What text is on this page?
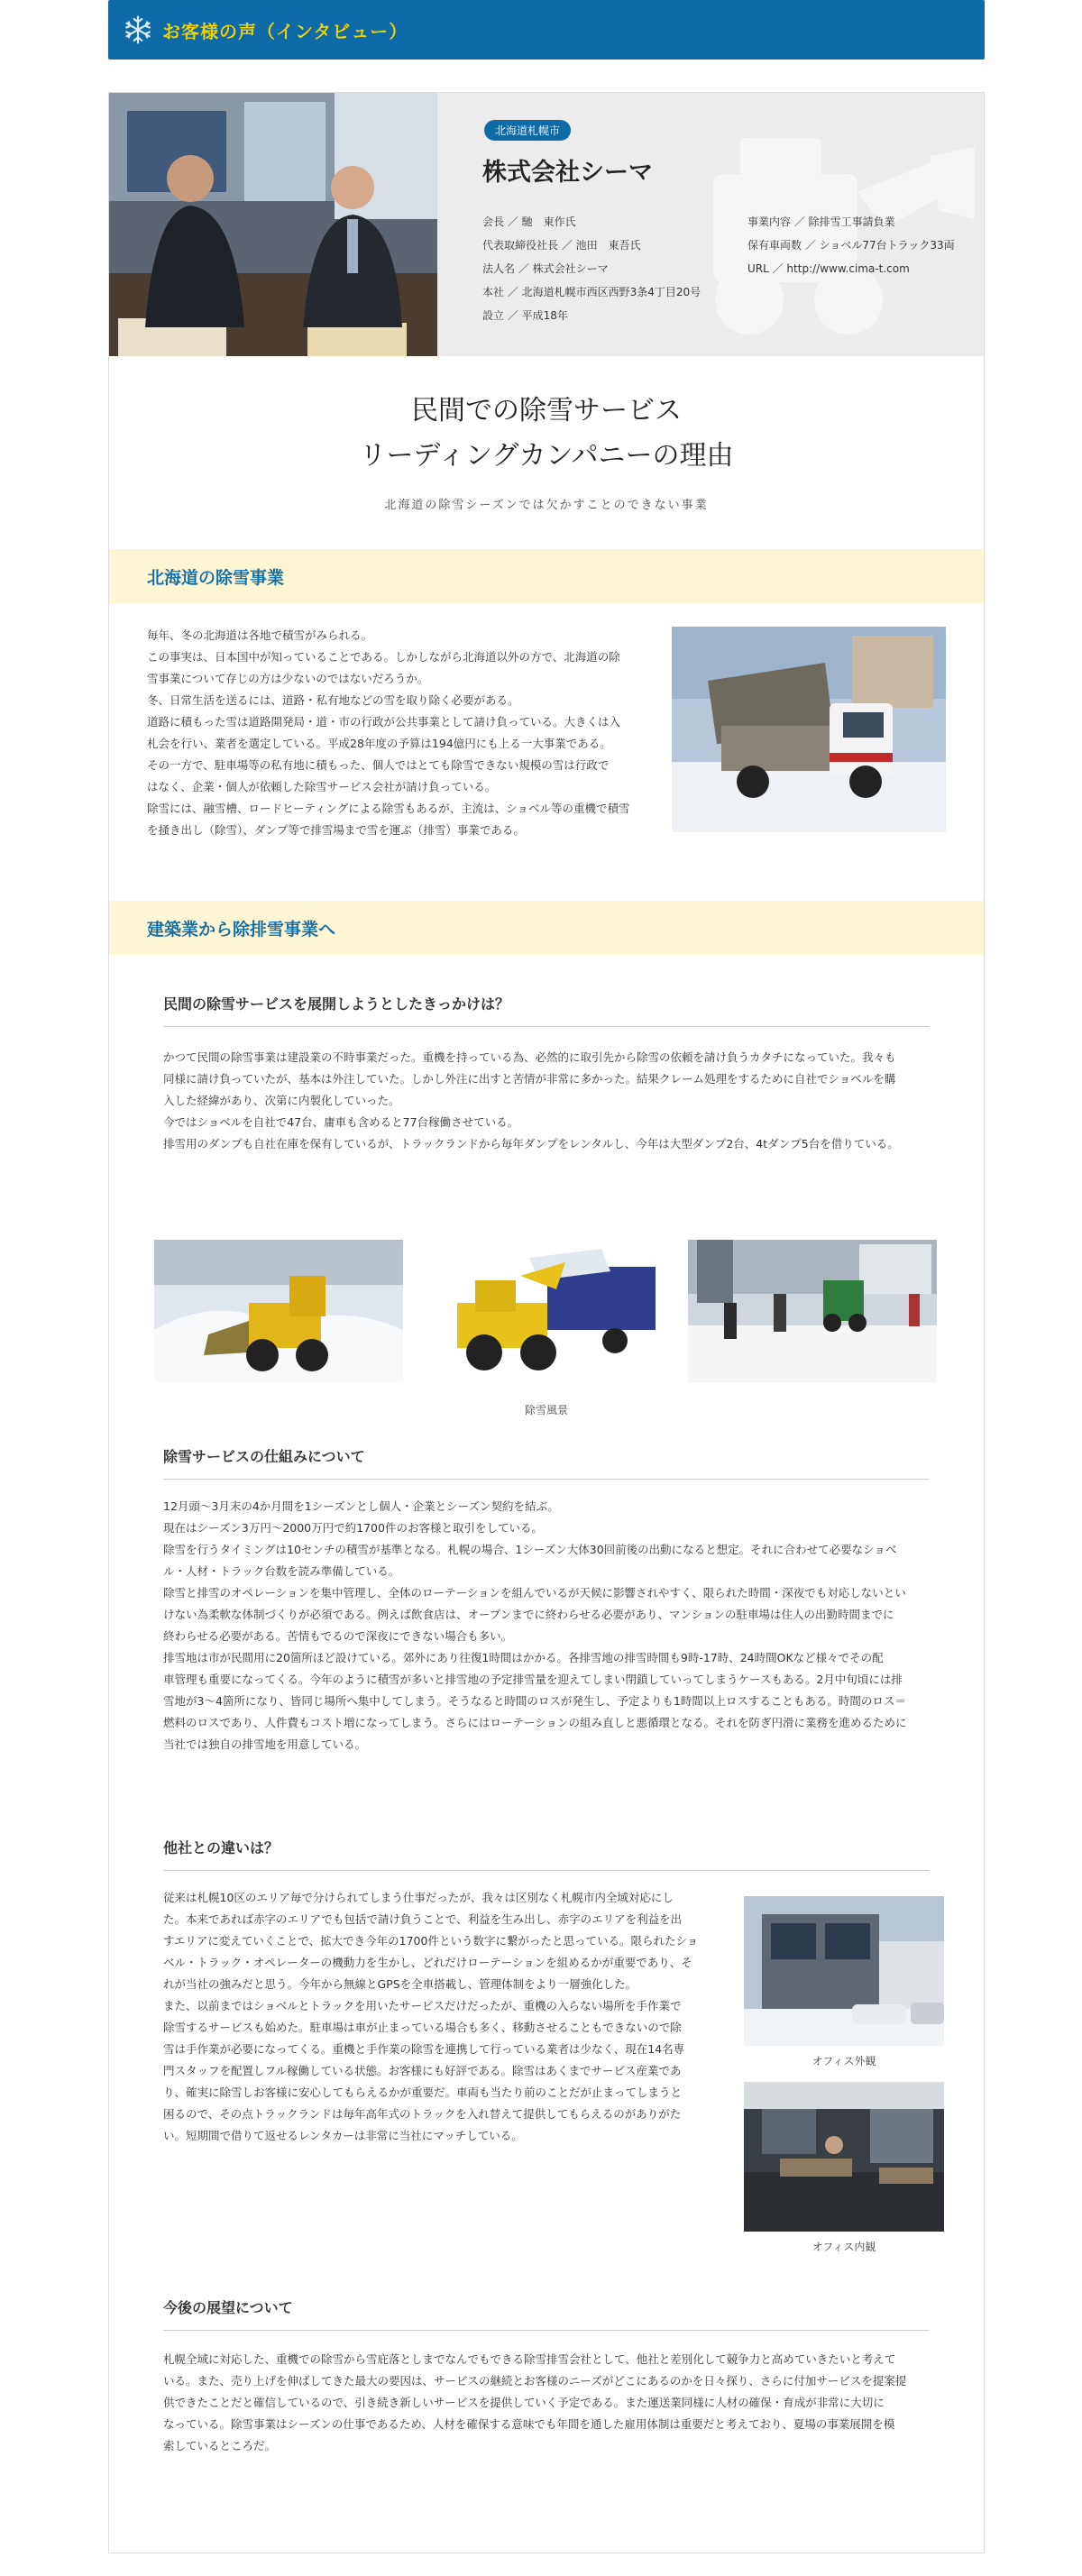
お客様の声（インタビュー）
北海道札幌市
株式会社シーマ
会長 ／ 馳　東作氏
代表取締役社長 ／ 池田　東吾氏
法人名 ／ 株式会社シーマ
本社 ／ 北海道札幌市西区西野3条4丁目20号
設立 ／ 平成18年
事業内容 ／ 除排雪工事請負業
保有車両数 ／ ショベル77台トラック33両
URL ／ http://www.cima-t.com
民間での除雪サービス
リーディングカンパニーの理由
北海道の除雪シーズンでは欠かすことのできない事業
北海道の除雪事業

毎年、冬の北海道は各地で積雪がみられる。

この事実は、日本国中が知っていることである。しかしながら北海道以外の方で、北海道の除

雪事業について存じの方は少ないのではないだろうか。

冬、日常生活を送るには、道路・私有地などの雪を取り除く必要がある。

道路に積もった雪は道路開発局・道・市の行政が公共事業として請け負っている。大きくは入

札会を行い、業者を選定している。平成28年度の予算は194億円にも上る一大事業である。

その一方で、駐車場等の私有地に積もった、個人ではとても除雪できない規模の雪は行政で

はなく、企業・個人が依頼した除雪サービス会社が請け負っている。

除雪には、融雪槽、ロードヒーティングによる除雪もあるが、主流は、ショベル等の重機で積雪

を掻き出し（除雪）、ダンプ等で排雪場まで雪を運ぶ（排雪）事業である。

建築業から除排雪事業へ
民間の除雪サービスを展開しようとしたきっかけは？

かつて民間の除雪事業は建設業の不時事業だった。重機を持っている為、必然的に取引先から除雪の依頼を請け負うカタチになっていた。我々も

同様に請け負っていたが、基本は外注していた。しかし外注に出すと苦情が非常に多かった。結果クレーム処理をするために自社でショベルを購

入した経緯があり、次第に内製化していった。

今ではショベルを自社で47台、庸車も含めると77台稼働させている。

排雪用のダンプも自社在庫を保有しているが、トラックランドから毎年ダンプをレンタルし、今年は大型ダンプ2台、4tダンプ5台を借りている。

除雪風景
除雪サービスの仕組みについて

12月頭〜3月末の4か月間を1シーズンとし個人・企業とシーズン契約を結ぶ。

現在はシーズン3万円〜2000万円で約1700件のお客様と取引をしている。

除雪を行うタイミングは10センチの積雪が基準となる。札幌の場合、1シーズン大体30回前後の出動になると想定。それに合わせて必要なショベ

ル・人材・トラック台数を読み準備している。

除雪と排雪のオペレーションを集中管理し、全体のローテーションを組んでいるが天候に影響されやすく、限られた時間・深夜でも対応しないとい

けない為柔軟な体制づくりが必須である。例えば飲食店は、オープンまでに終わらせる必要があり、マンションの駐車場は住人の出勤時間までに

終わらせる必要がある。苦情もでるので深夜にできない場合も多い。

排雪地は市が民間用に20箇所ほど設けている。郊外にあり往復1時間はかかる。各排雪地の排雪時間も9時-17時、24時間OKなど様々でその配

車管理も重要になってくる。今年のように積雪が多いと排雪地の予定排雪量を迎えてしまい閉鎖していってしまうケースもある。2月中旬頃には排

雪地が3〜4箇所になり、皆同じ場所へ集中してしまう。そうなると時間のロスが発生し、予定よりも1時間以上ロスすることもある。時間のロス＝

燃料のロスであり、人件費もコスト増になってしまう。さらにはローテーションの組み直しと悪循環となる。それを防ぎ円滑に業務を進めるために

当社では独自の排雪地を用意している。

他社との違いは？

従来は札幌10区のエリア毎で分けられてしまう仕事だったが、我々は区別なく札幌市内全域対応にし

た。本来であれば赤字のエリアでも包括で請け負うことで、利益を生み出し、赤字のエリアを利益を出

すエリアに変えていくことで、拡大でき今年の1700件という数字に繋がったと思っている。限られたショ

ベル・トラック・オペレーターの機動力を生かし、どれだけローテーションを組めるかが重要であり、そ

れが当社の強みだと思う。今年から無線とGPSを全車搭載し、管理体制をより一層強化した。

また、以前まではショベルとトラックを用いたサービスだけだったが、重機の入らない場所を手作業で

除雪するサービスも始めた。駐車場は車が止まっている場合も多く、移動させることもできないので除

雪は手作業が必要になってくる。重機と手作業の除雪を連携して行っている業者は少なく、現在14名専

門スタッフを配置しフル稼働している状態。お客様にも好評である。除雪はあくまでサービス産業であ

り、確実に除雪しお客様に安心してもらえるかが重要だ。車両も当たり前のことだが止まってしまうと

困るので、その点トラックランドは毎年高年式のトラックを入れ替えて提供してもらえるのがありがた

い。短期間で借りて返せるレンタカーは非常に当社にマッチしている。

オフィス外観
オフィス内観
今後の展望について

札幌全域に対応した、重機での除雪から雪庇落としまでなんでもできる除雪排雪会社として、他社と差別化して競争力と高めていきたいと考えて

いる。また、売り上げを伸ばしてきた最大の要因は、サービスの継続とお客様のニーズがどこにあるのかを日々探り、さらに付加サービスを提案提

供できたことだと確信しているので、引き続き新しいサービスを提供していく予定である。また運送業同様に人材の確保・育成が非常に大切に

なっている。除雪事業はシーズンの仕事であるため、人材を確保する意味でも年間を通した雇用体制は重要だと考えており、夏場の事業展開を模

索しているところだ。
